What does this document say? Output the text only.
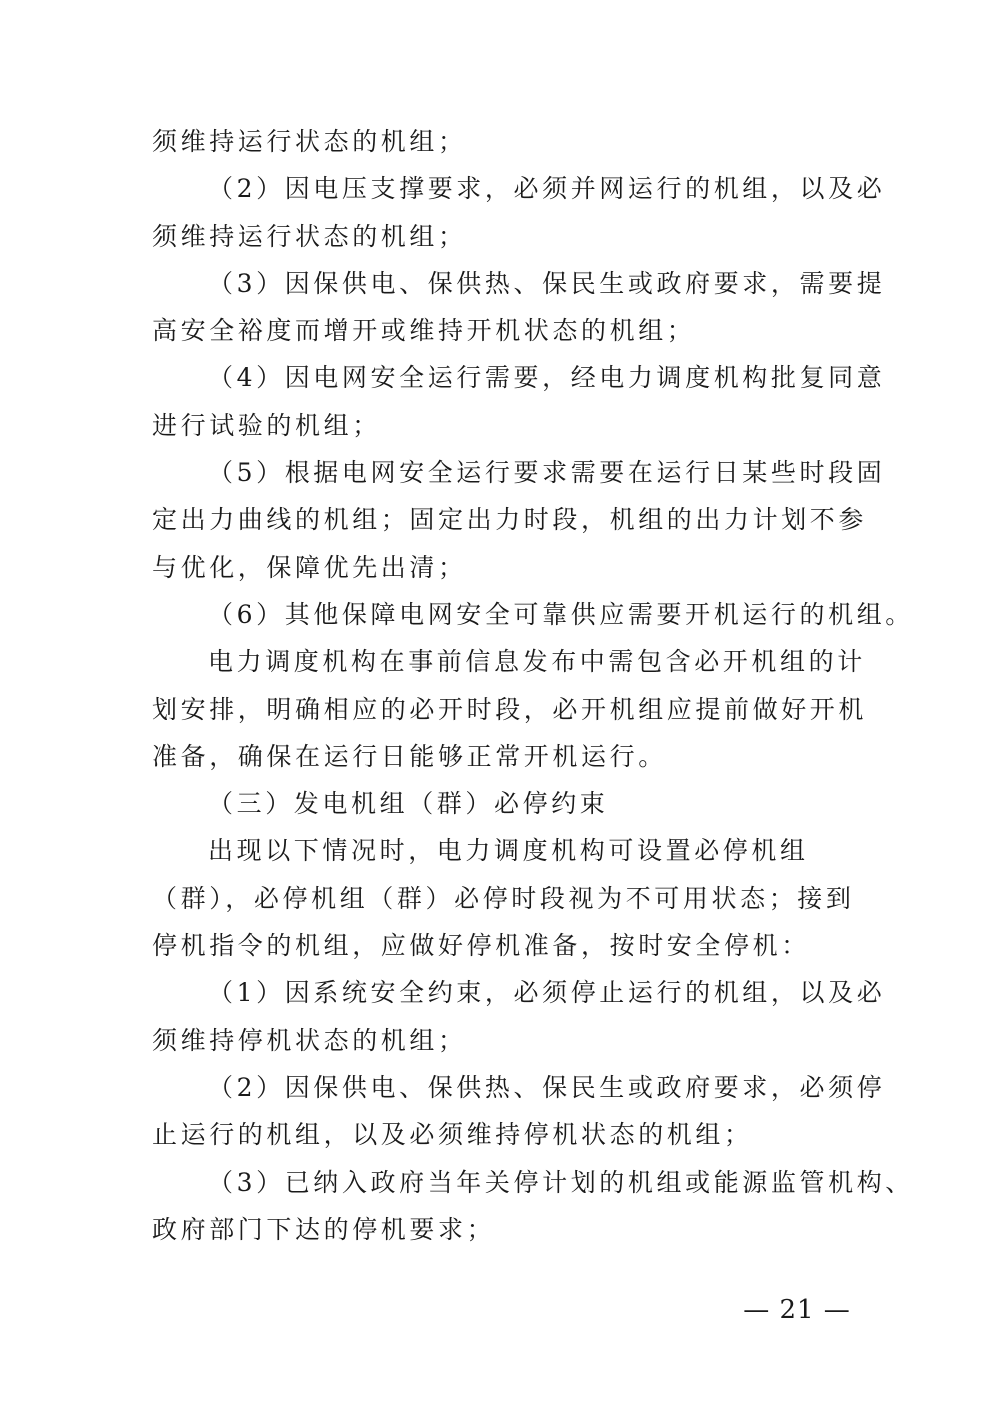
须维持运行状态的机组；
（2）因电压支撑要求，必须并网运行的机组，以及必
须维持运行状态的机组；
（3）因保供电、保供热、保民生或政府要求，需要提
高安全裕度而增开或维持开机状态的机组；
（4）因电网安全运行需要，经电力调度机构批复同意
进行试验的机组；
（5）根据电网安全运行要求需要在运行日某些时段固
定出力曲线的机组；固定出力时段，机组的出力计划不参
与优化，保障优先出清；
（6）其他保障电网安全可靠供应需要开机运行的机组。
电力调度机构在事前信息发布中需包含必开机组的计
划安排，明确相应的必开时段，必开机组应提前做好开机
准备，确保在运行日能够正常开机运行。
（三）发电机组（群）必停约束
出现以下情况时，电力调度机构可设置必停机组
（群），必停机组（群）必停时段视为不可用状态；接到
停机指令的机组，应做好停机准备，按时安全停机：
（1）因系统安全约束，必须停止运行的机组，以及必
须维持停机状态的机组；
（2）因保供电、保供热、保民生或政府要求，必须停
止运行的机组，以及必须维持停机状态的机组；
（3）已纳入政府当年关停计划的机组或能源监管机构、
政府部门下达的停机要求；
— 21 —
